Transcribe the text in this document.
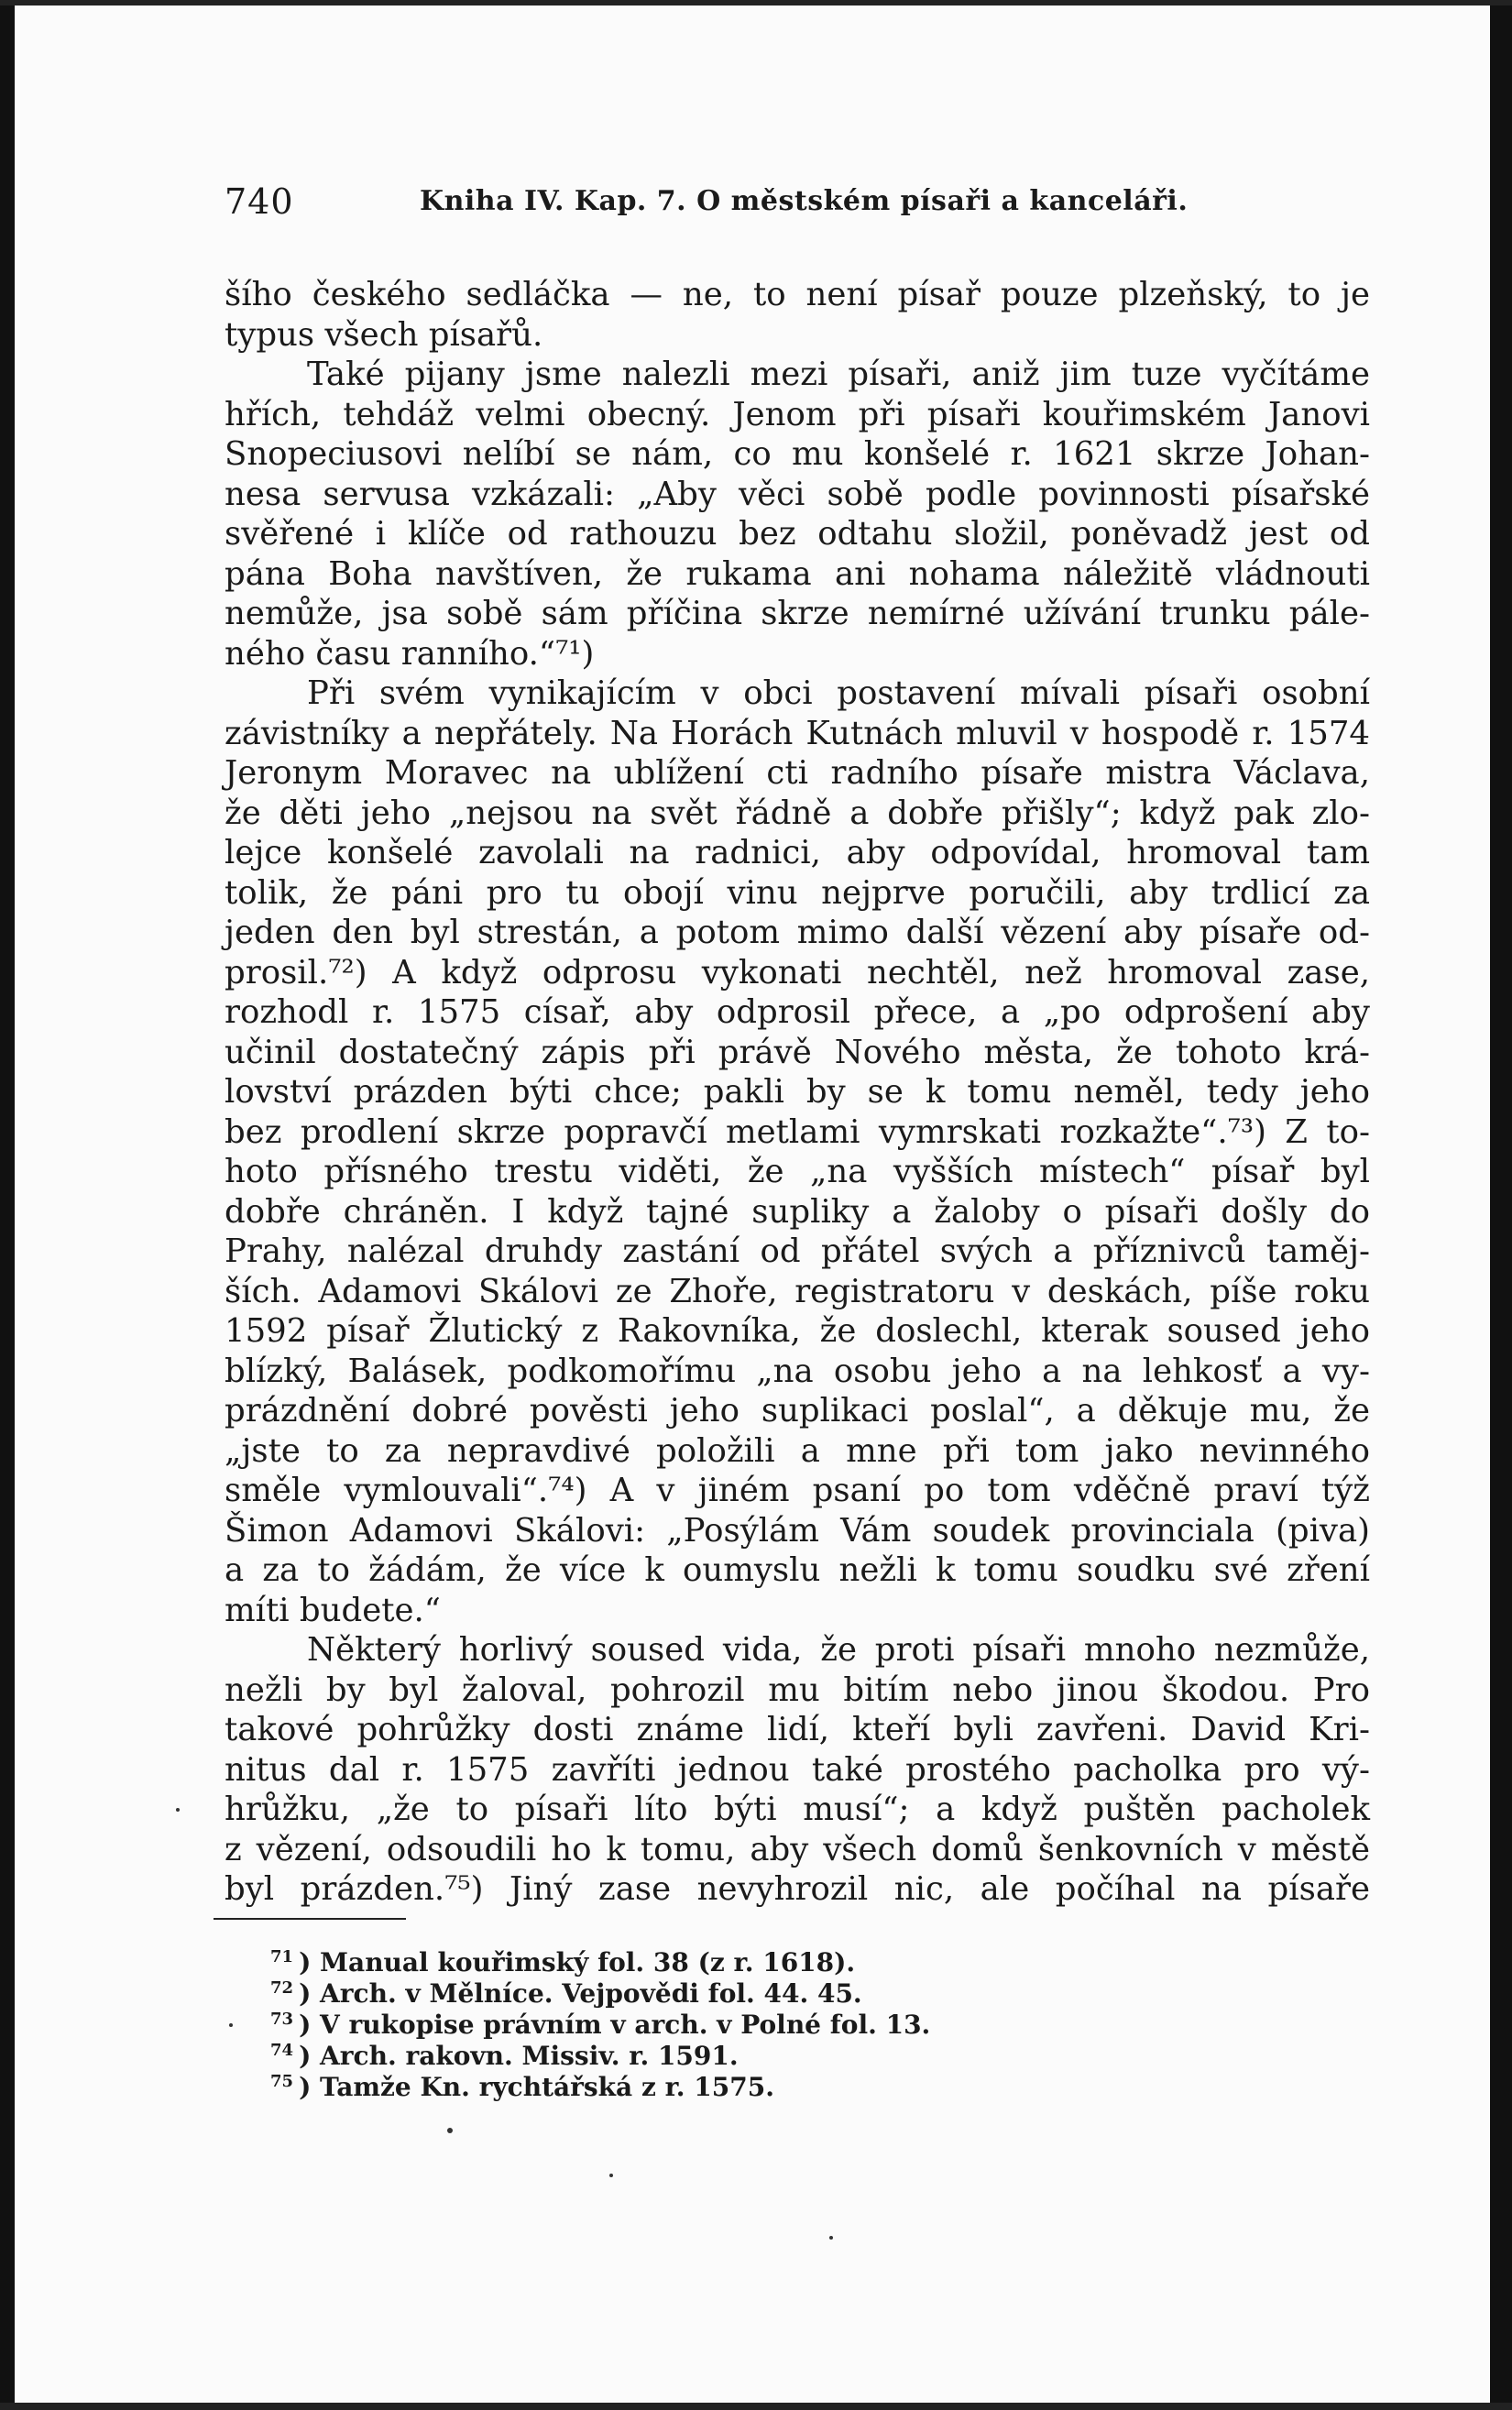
740	Kniha IV. Kap. 7. O městském písaři a kanceláři.
šího českého sedláčka — ne, to není písař pouze plzeňský, to je
typus všech písařů.
Také pijany jsme nalezli mezi písaři, aniž jim tuze vyčítáme
hřích, tehdáž velmi obecný. Jenom při písaři kouřimském Janovi
Snopeciusovi nelíbí se nám, co mu konšelé r. 1621 skrze Johan-
nesa servusa vzkázali: „Aby věci sobě podle povinnosti písařské
svěřené i klíče od rathouzu bez odtahu složil, poněvadž jest od
pána Boha navštíven, že rukama ani nohama náležitě vládnouti
nemůže, jsa sobě sám příčina skrze nemírné užívání trunku pále-
ného času ranního.“⁷¹)
Při svém vynikajícím v obci postavení mívali písaři osobní
závistníky a nepřátely. Na Horách Kutnách mluvil v hospodě r. 1574
Jeronym Moravec na ublížení cti radního písaře mistra Václava,
že děti jeho „nejsou na svět řádně a dobře přišly“; když pak zlo-
lejce konšelé zavolali na radnici, aby odpovídal, hromoval tam
tolik, že páni pro tu obojí vinu nejprve poručili, aby trdlicí za
jeden den byl strestán, a potom mimo další vězení aby písaře od-
prosil.⁷²) A když odprosu vykonati nechtěl, než hromoval zase,
rozhodl r. 1575 císař, aby odprosil přece, a „po odprošení aby
učinil dostatečný zápis při právě Nového města, že tohoto krá-
lovství prázden býti chce; pakli by se k tomu neměl, tedy jeho
bez prodlení skrze popravčí metlami vymrskati rozkažte“.⁷³) Z to-
hoto přísného trestu viděti, že „na vyšších místech“ písař byl
dobře chráněn. I když tajné supliky a žaloby o písaři došly do
Prahy, nalézal druhdy zastání od přátel svých a příznivců taměj-
ších. Adamovi Skálovi ze Zhoře, registratoru v deskách, píše roku
1592 písař Žlutický z Rakovníka, že doslechl, kterak soused jeho
blízký, Balásek, podkomořímu „na osobu jeho a na lehkosť a vy-
prázdnění dobré pověsti jeho suplikaci poslal“, a děkuje mu, že
„jste to za nepravdivé položili a mne při tom jako nevinného
směle vymlouvali“.⁷⁴) A v jiném psaní po tom vděčně praví týž
Šimon Adamovi Skálovi: „Posýlám Vám soudek provinciala (piva)
a za to žádám, že více k oumyslu nežli k tomu soudku své zření
míti budete.“
Některý horlivý soused vida, že proti písaři mnoho nezmůže,
nežli by byl žaloval, pohrozil mu bitím nebo jinou škodou. Pro
takové pohrůžky dosti známe lidí, kteří byli zavřeni. David Kri-
nitus dal r. 1575 zavříti jednou také prostého pacholka pro vý-
hrůžku, „že to písaři líto býti musí“; a když puštěn pacholek
z vězení, odsoudili ho k tomu, aby všech domů šenkovních v městě
byl prázden.⁷⁵) Jiný zase nevyhrozil nic, ale počíhal na písaře
$^{71}$ ) Manual kouřimský fol. 38 (z r. 1618).
$^{72}$ ) Arch. v Mělníce. Vejpovědi fol. 44. 45.
$^{73}$ ) V rukopise právním v arch. v Polné fol. 13.
$^{74}$ ) Arch. rakovn. Missiv. r. 1591.
$^{75}$ ) Tamže Kn. rychtářská z r. 1575.
